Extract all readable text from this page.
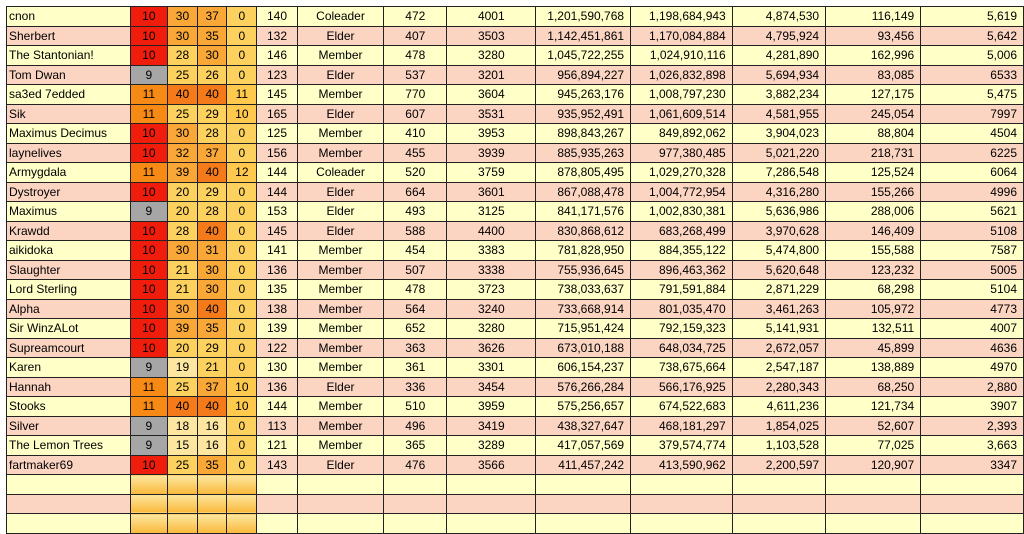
cnon	10	30	37	0	140	Coleader	472	4001	1,201,590,768	1,198,684,943	4,874,530	116,149	5,619
Sherbert	10	30	35	0	132	Elder	407	3503	1,142,451,861	1,170,084,884	4,795,924	93,456	5,642
The Stantonian!	10	28	30	0	146	Member	478	3280	1,045,722,255	1,024,910,116	4,281,890	162,996	5,006
Tom Dwan	9	25	26	0	123	Elder	537	3201	956,894,227	1,026,832,898	5,694,934	83,085	6533
sa3ed 7edded	11	40	40	11	145	Member	770	3604	945,263,176	1,008,797,230	3,882,234	127,175	5,475
Sik	11	25	29	10	165	Elder	607	3531	935,952,491	1,061,609,514	4,581,955	245,054	7997
Maximus Decimus	10	30	28	0	125	Member	410	3953	898,843,267	849,892,062	3,904,023	88,804	4504
laynelives	10	32	37	0	156	Member	455	3939	885,935,263	977,380,485	5,021,220	218,731	6225
Armygdala	11	39	40	12	144	Coleader	520	3759	878,805,495	1,029,270,328	7,286,548	125,524	6064
Dystroyer	10	20	29	0	144	Elder	664	3601	867,088,478	1,004,772,954	4,316,280	155,266	4996
Maximus	9	20	28	0	153	Elder	493	3125	841,171,576	1,002,830,381	5,636,986	288,006	5621
Krawdd	10	28	40	0	145	Elder	588	4400	830,868,612	683,268,499	3,970,628	146,409	5108
aikidoka	10	30	31	0	141	Member	454	3383	781,828,950	884,355,122	5,474,800	155,588	7587
Slaughter	10	21	30	0	136	Member	507	3338	755,936,645	896,463,362	5,620,648	123,232	5005
Lord Sterling	10	21	30	0	135	Member	478	3723	738,033,637	791,591,884	2,871,229	68,298	5104
Alpha	10	30	40	0	138	Member	564	3240	733,668,914	801,035,470	3,461,263	105,972	4773
Sir WinzALot	10	39	35	0	139	Member	652	3280	715,951,424	792,159,323	5,141,931	132,511	4007
Supreamcourt	10	20	29	0	122	Member	363	3626	673,010,188	648,034,725	2,672,057	45,899	4636
Karen	9	19	21	0	130	Member	361	3301	606,154,237	738,675,664	2,547,187	138,889	4970
Hannah	11	25	37	10	136	Elder	336	3454	576,266,284	566,176,925	2,280,343	68,250	2,880
Stooks	11	40	40	10	144	Member	510	3959	575,256,657	674,522,683	4,611,236	121,734	3907
Silver	9	18	16	0	113	Member	496	3419	438,327,647	468,181,297	1,854,025	52,607	2,393
The Lemon Trees	9	15	16	0	121	Member	365	3289	417,057,569	379,574,774	1,103,528	77,025	3,663
fartmaker69	10	25	35	0	143	Elder	476	3566	411,457,242	413,590,962	2,200,597	120,907	3347
